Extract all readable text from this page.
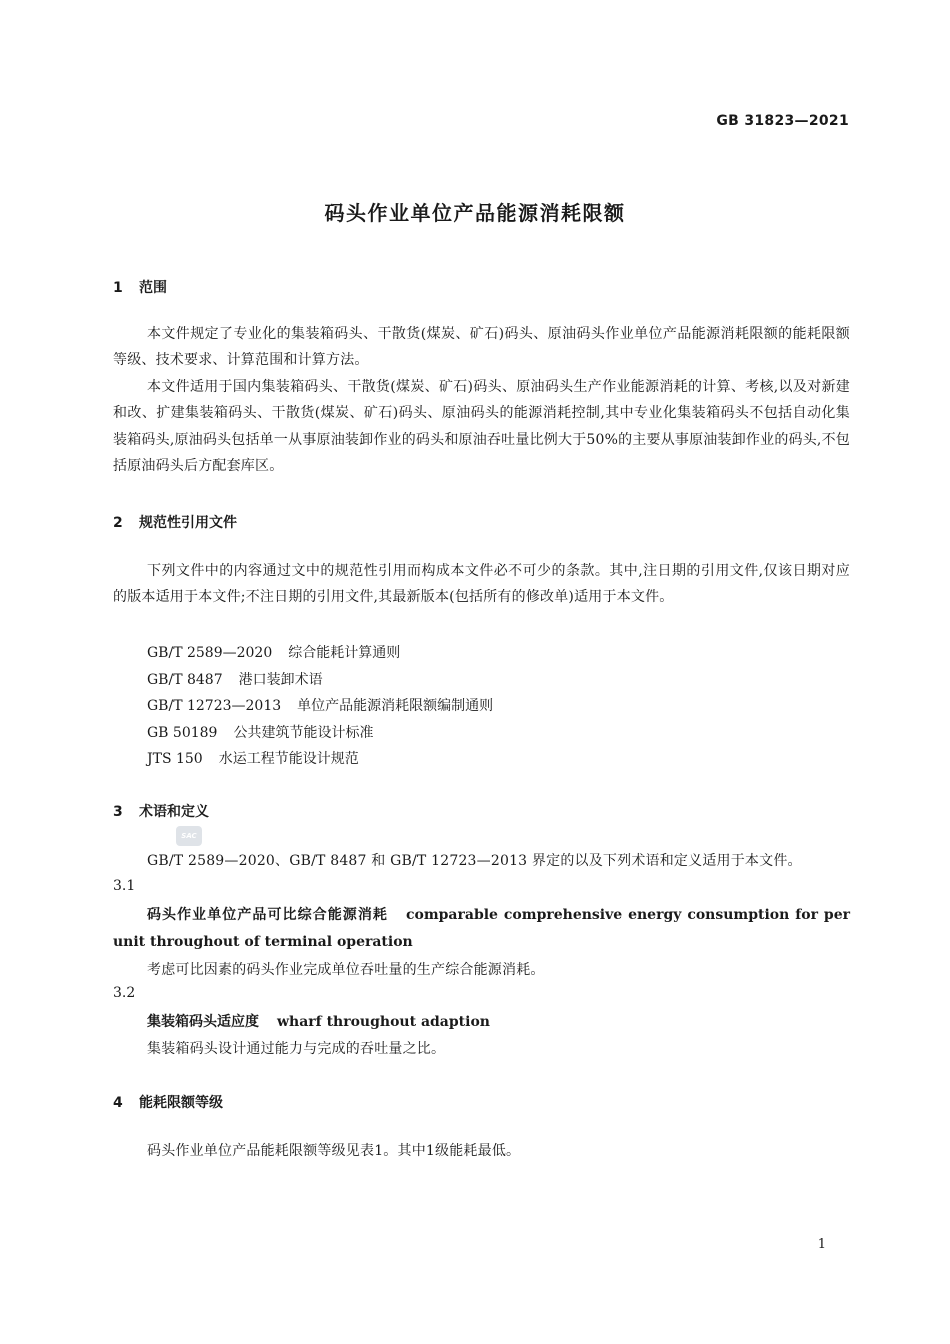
GB 31823—2021
码头作业单位产品能源消耗限额
1 范围
本文件规定了专业化的集装箱码头、干散货(煤炭、矿石)码头、原油码头作业单位产品能源消耗限额的能耗限额等级、技术要求、计算范围和计算方法。
本文件适用于国内集装箱码头、干散货(煤炭、矿石)码头、原油码头生产作业能源消耗的计算、考核,以及对新建和改、扩建集装箱码头、干散货(煤炭、矿石)码头、原油码头的能源消耗控制,其中专业化集装箱码头不包括自动化集装箱码头,原油码头包括单一从事原油装卸作业的码头和原油吞吐量比例大于50%的主要从事原油装卸作业的码头,不包括原油码头后方配套库区。
2 规范性引用文件
下列文件中的内容通过文中的规范性引用而构成本文件必不可少的条款。其中,注日期的引用文件,仅该日期对应的版本适用于本文件;不注日期的引用文件,其最新版本(包括所有的修改单)适用于本文件。
GB/T 2589—2020 综合能耗计算通则
GB/T 8487 港口装卸术语
GB/T 12723—2013 单位产品能源消耗限额编制通则
GB 50189 公共建筑节能设计标准
JTS 150 水运工程节能设计规范
3 术语和定义
SAC
GB/T 2589—2020、GB/T 8487 和 GB/T 12723—2013 界定的以及下列术语和定义适用于本文件。
3.1
码头作业单位产品可比综合能源消耗 comparable comprehensive energy consumption for per unit throughout of terminal operation
考虑可比因素的码头作业完成单位吞吐量的生产综合能源消耗。
3.2
集装箱码头适应度 wharf throughout adaption
集装箱码头设计通过能力与完成的吞吐量之比。
4 能耗限额等级
码头作业单位产品能耗限额等级见表1。其中1级能耗最低。
1
